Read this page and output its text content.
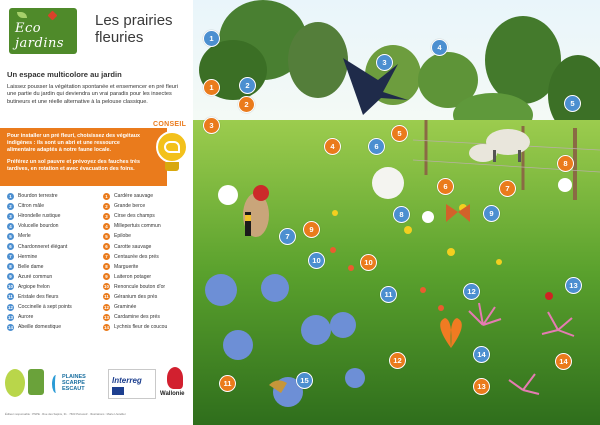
Eco jardins
Les prairies fleuries
Un espace multicolore au jardin
Laissez pousser la végétation spontanée et ensemencer en pré fleuri une partie du jardin qui deviendra un vrai paradis pour les insectes butineurs et une réelle alternative à la pelouse classique.
Pour installer un pré fleuri, choisissez des végétaux indigènes : ils sont un abri et une ressource alimentaire adaptés à notre faune locale.
Préférez un sol pauvre et prévoyez des fauches très tardives, en rotation et avec évacuation des foins.
CONSEIL
1	Bourdon terrestre
2	Citron mâle
3	Hirondelle rustique
4	Volucelle bourdon
5	Merle
6	Chardonneret élégant
7	Hermine
8	Belle dame
9	Azuré commun
10 Argiope frelon
11 Eristale des fleurs
12 Coccinelle à sept points
13 Aurore
14 Abeille domestique
1	Cardère sauvage
2	Grande berce
3	Cirse des champs
4	Millepertuis commun
5	Epilobe
6	Carotte sauvage
7	Centaurée des prés
8	Marguerite
9	Laiteron potager
10 Renoncule bouton d'or
11 Géranium des prés
12 Graminée
13 Cardamine des prés
14 Lychnis fleur de coucou
PLAINES SCARPE ESCAUT
Interreg
Wallonie
Éditeur responsable : PNPE · Rue des Sapins, 31 · 7603 Péruwelz · Illustrations : Marie Lhotellier
1
2
3
4
5
6
7
8	9
10
11	12
13
14
15
1
2
3
4
5
6	7
8
9
10
11
12
13
14
